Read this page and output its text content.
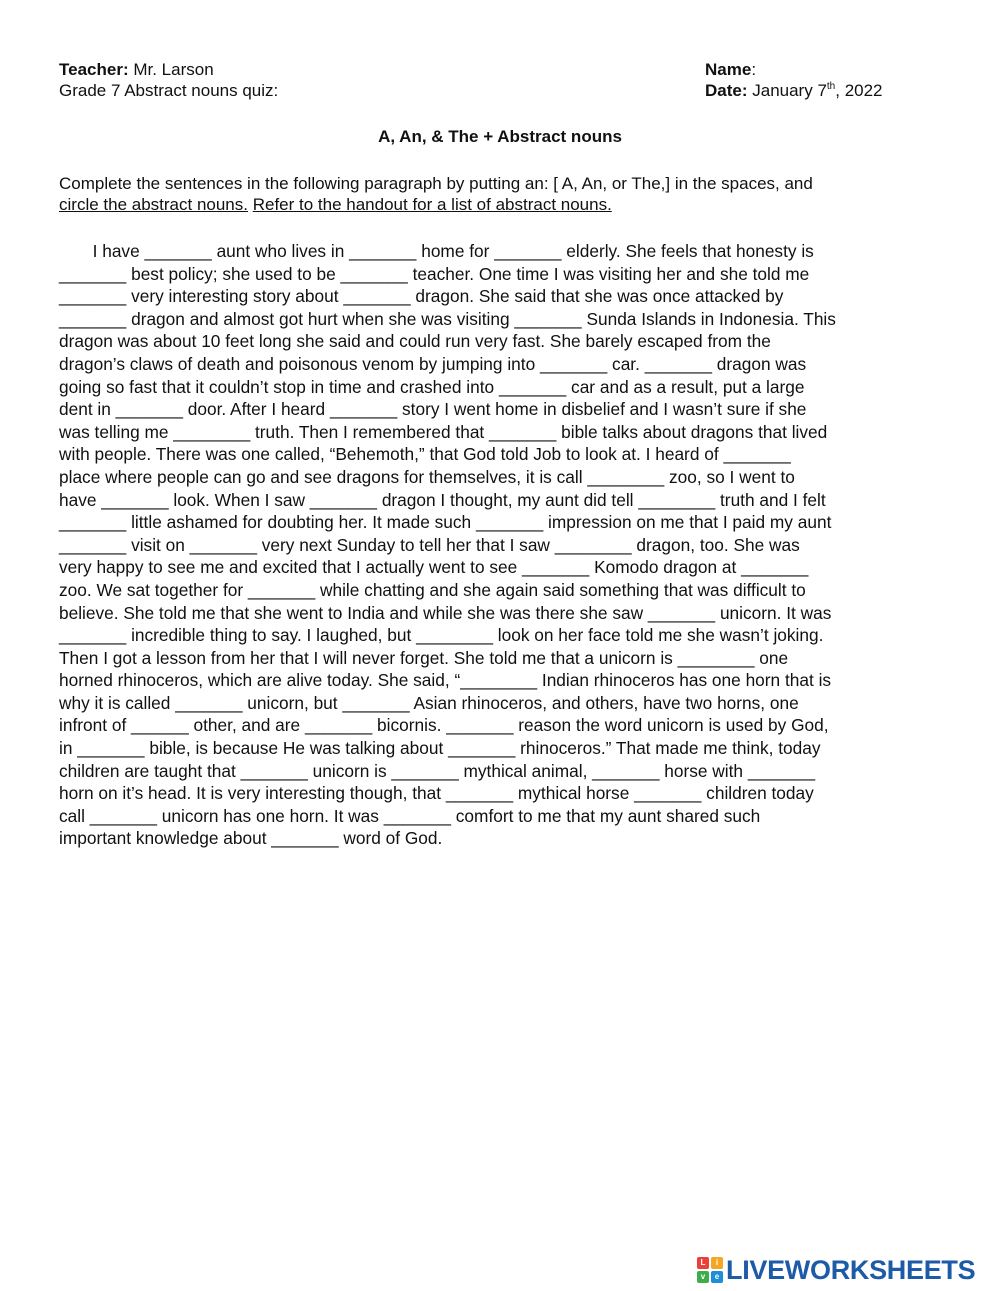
Teacher: Mr. Larson
Grade 7 Abstract nouns quiz:
Name:
Date: January 7th, 2022
A, An, & The + Abstract nouns
Complete the sentences in the following paragraph by putting an: [ A, An, or The,] in the spaces, and
circle the abstract nouns. Refer to the handout for a list of abstract nouns.
I have _______ aunt who lives in _______ home for _______ elderly. She feels that honesty is
_______ best policy; she used to be _______ teacher. One time I was visiting her and she told me
_______ very interesting story about _______ dragon. She said that she was once attacked by
_______ dragon and almost got hurt when she was visiting _______ Sunda Islands in Indonesia. This
dragon was about 10 feet long she said and could run very fast. She barely escaped from the
dragon’s claws of death and poisonous venom by jumping into _______ car. _______ dragon was
going so fast that it couldn’t stop in time and crashed into _______ car and as a result, put a large
dent in _______ door. After I heard _______ story I went home in disbelief and I wasn’t sure if she
was telling me ________ truth. Then I remembered that _______ bible talks about dragons that lived
with people. There was one called, “Behemoth,” that God told Job to look at. I heard of _______
place where people can go and see dragons for themselves, it is call ________ zoo, so I went to
have _______ look. When I saw _______ dragon I thought, my aunt did tell ________ truth and I felt
_______ little ashamed for doubting her. It made such _______ impression on me that I paid my aunt
_______ visit on _______ very next Sunday to tell her that I saw ________ dragon, too. She was
very happy to see me and excited that I actually went to see _______ Komodo dragon at _______
zoo. We sat together for _______ while chatting and she again said something that was difficult to
believe. She told me that she went to India and while she was there she saw _______ unicorn. It was
_______ incredible thing to say. I laughed, but ________ look on her face told me she wasn’t joking.
Then I got a lesson from her that I will never forget. She told me that a unicorn is ________ one
horned rhinoceros, which are alive today. She said, “________ Indian rhinoceros has one horn that is
why it is called _______ unicorn, but _______ Asian rhinoceros, and others, have two horns, one
infront of ______ other, and are _______ bicornis. _______ reason the word unicorn is used by God,
in _______ bible, is because He was talking about _______ rhinoceros.” That made me think, today
children are taught that _______ unicorn is _______ mythical animal, _______ horse with _______
horn on it’s head. It is very interesting though, that _______ mythical horse _______ children today
call _______ unicorn has one horn. It was _______ comfort to me that my aunt shared such
important knowledge about _______ word of God.
L	i
v	e LIVEWORKSHEETS
